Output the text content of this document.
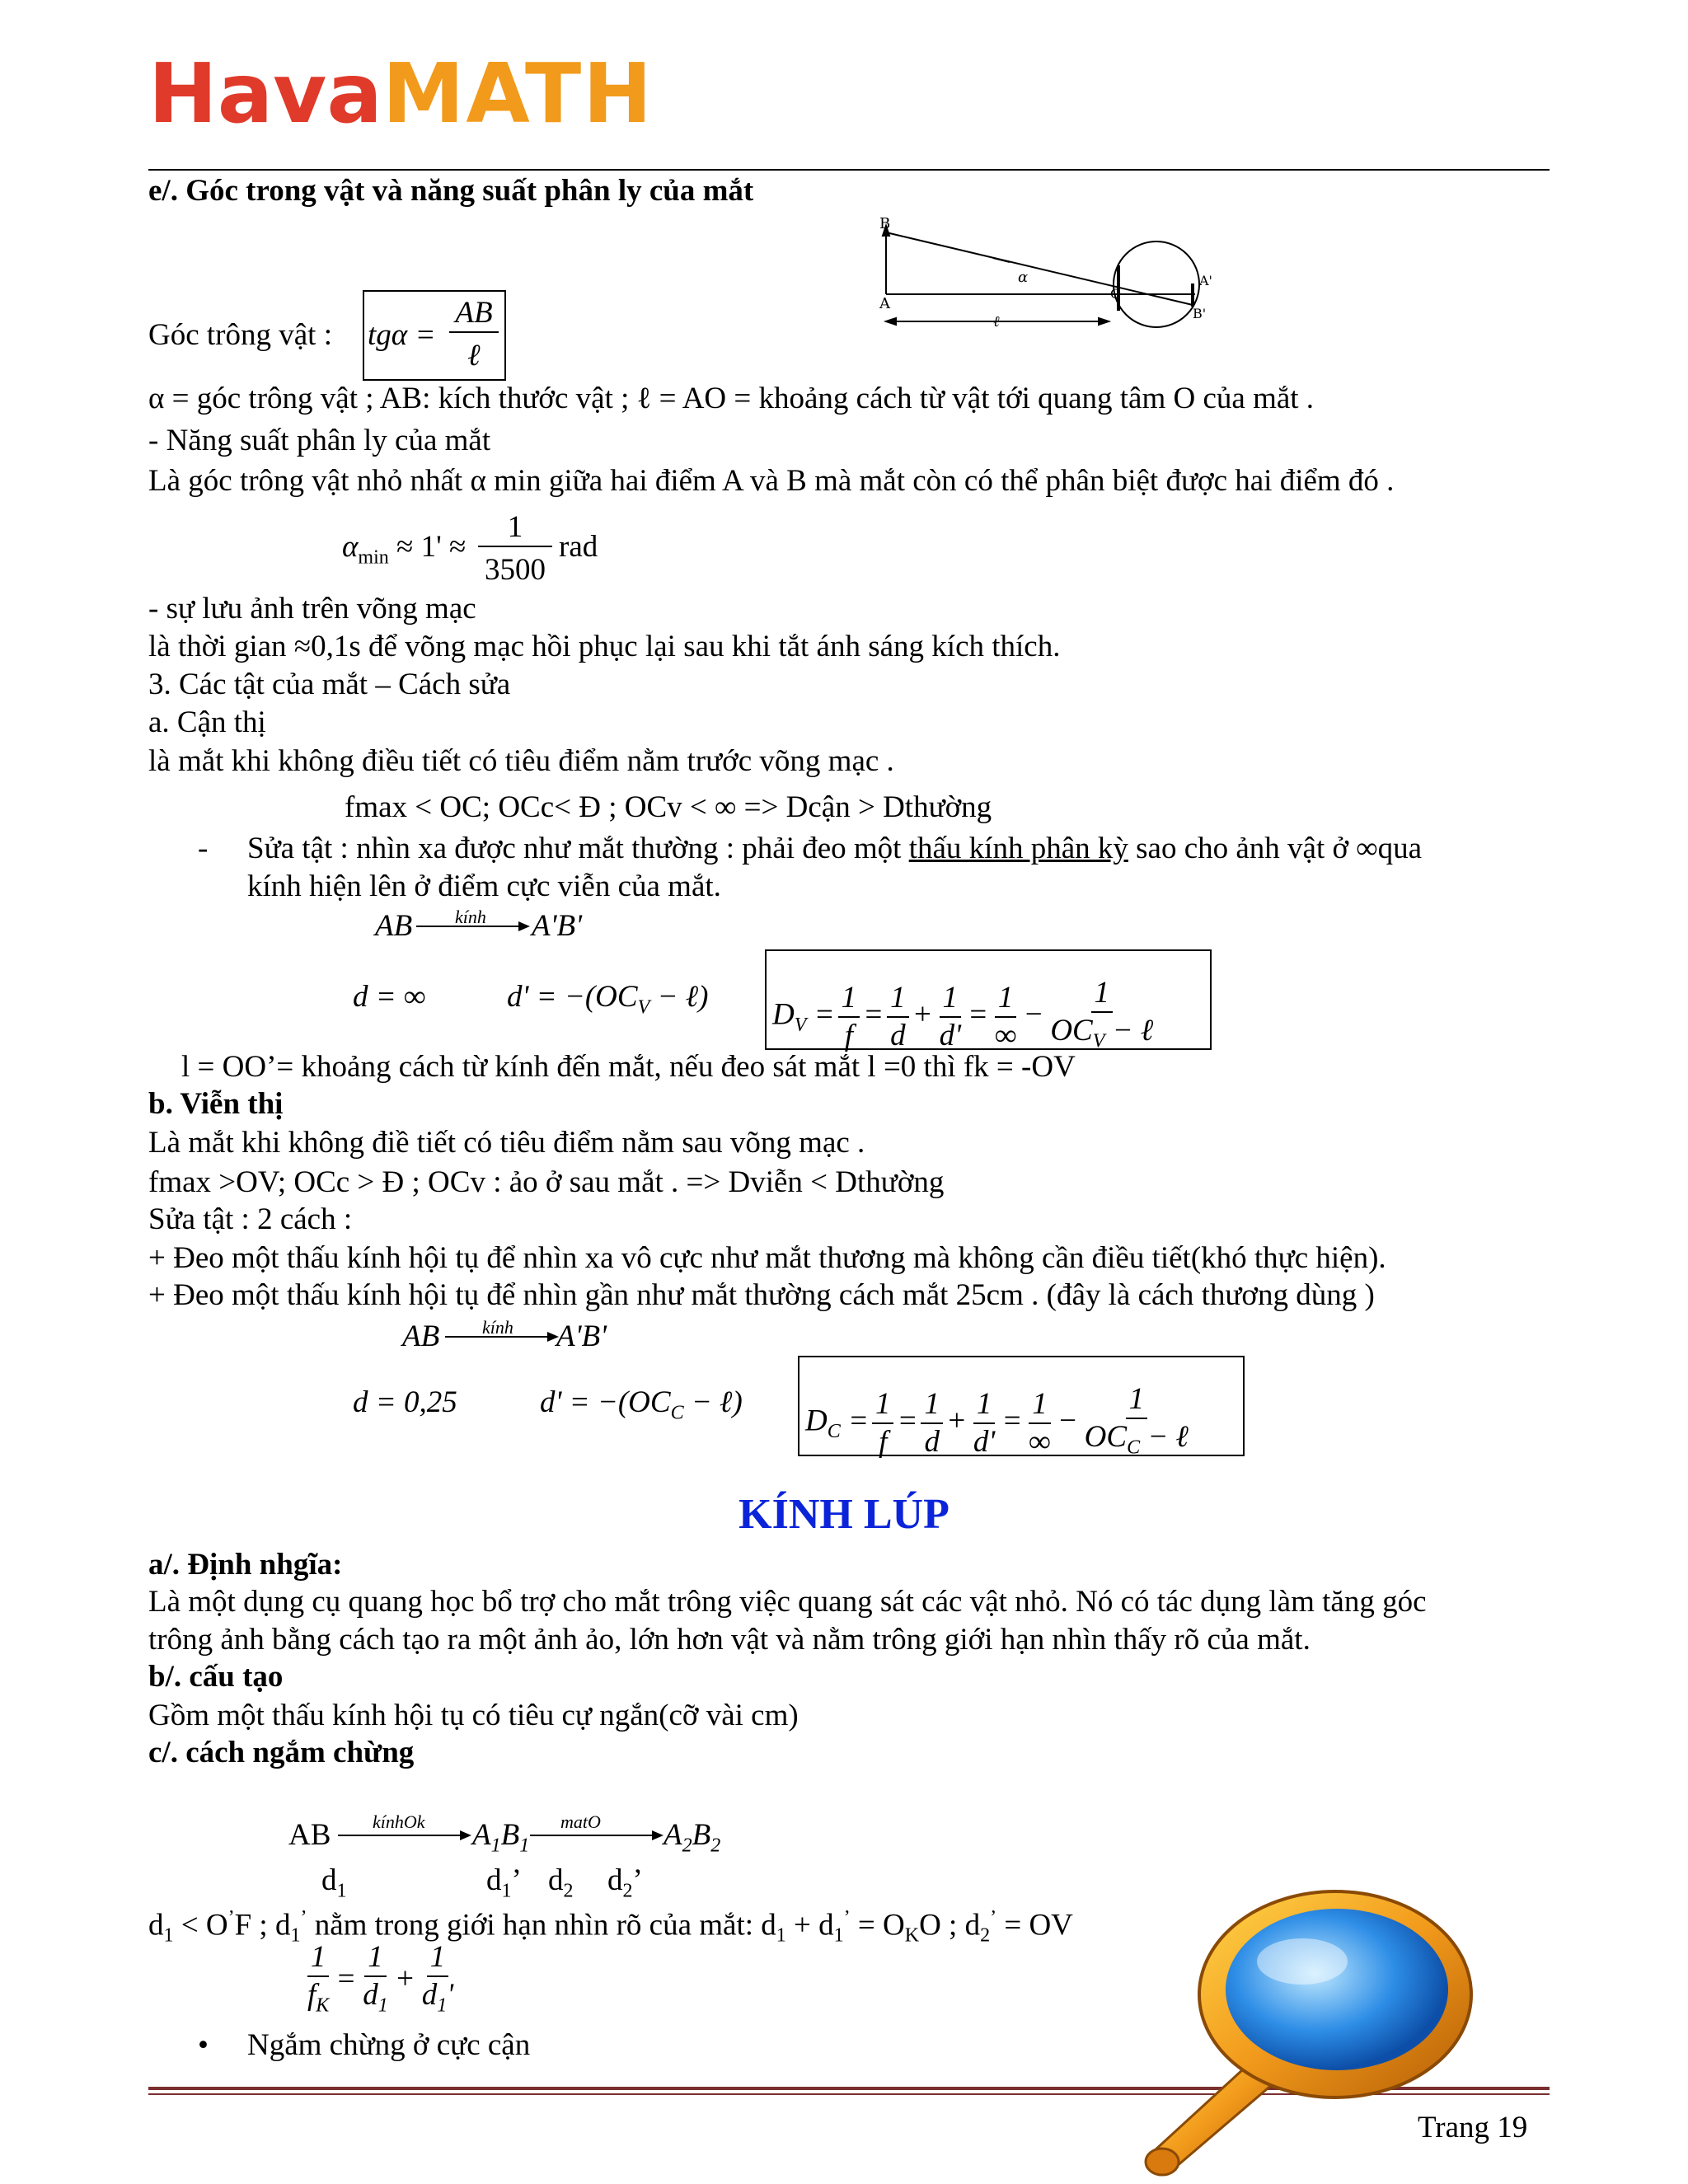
HavaMATH
e/. Góc trong vật và năng suất phân ly của mắt
B
A
α
O
A'
B'
ℓ
Góc trông vật : tgα =
AB
ℓ
α = góc trông vật ; AB: kích thước vật ; ℓ = AO = khoảng cách từ vật tới quang tâm O của mắt .
- Năng suất phân ly của mắt
Là góc trông vật nhỏ nhất α min giữa hai điểm A và B mà mắt còn có thể phân biệt được hai điểm đó .
$\alpha_{min} \approx 1'$ ≈
1
3500
rad
- sự lưu ảnh trên võng mạc
là thời gian ≈0,1s để võng mạc hồi phục lại sau khi tắt ánh sáng kích thích.
3. Các tật của mắt – Cách sửa
a. Cận thị
là mắt khi không điều tiết có tiêu điểm nằm trước võng mạc .
fmax < OC; OCc< Đ ; OCv < ∞ => Dcận > Dthường
- Sửa tật : nhìn xa được như mắt thường : phải đeo một thấu kính phân kỳ sao cho ảnh vật ở ∞qua
kính hiện lên ở điểm cực viễn của mắt.
AB kính A'B'
d = ∞	$d' = -(OC_V$ − ℓ)
$D_V = \frac{1}{f} = \frac{1}{d} + \frac{1}{d'} = \frac{1}{\infty} - \frac{1}{OC_V - \ell}$
l = OO’= khoảng cách từ kính đến mắt, nếu đeo sát mắt l =0 thì fk = -OV
b. Viễn thị
Là mắt khi không điề tiết có tiêu điểm nằm sau võng mạc .
fmax >OV; OCc > Đ ; OCv : ảo ở sau mắt . => Dviễn < Dthường
Sửa tật : 2 cách :
+ Đeo một thấu kính hội tụ để nhìn xa vô cực như mắt thương mà không cần điều tiết(khó thực hiện).
+ Đeo một thấu kính hội tụ để nhìn gần như mắt thường cách mắt 25cm . (đây là cách thương dùng )
AB kính A'B'
d = 0,25	$d' = -(OC_C$ − ℓ)
$D_C = \frac{1}{f} = \frac{1}{d} + \frac{1}{d'} = \frac{1}{\infty} - \frac{1}{OC_C - \ell}$
KÍNH LÚP
a/. Định nhgĩa:
Là một dụng cụ quang học bổ trợ cho mắt trông việc quang sát các vật nhỏ. Nó có tác dụng làm tăng góc
trông ảnh bằng cách tạo ra một ảnh ảo, lớn hơn vật và nằm trông giới hạn nhìn thấy rõ của mắt.
b/. cấu tạo
Gồm một thấu kính hội tụ có tiêu cự ngắn(cỡ vài cm)
c/. cách ngắm chừng
AB kínhOk $A_1B_1$
matO $A_2B_2$
$d_1$	$d_1$’ $d_2$ $d_2$’
$d_1 < O^’F$ ; $d_1^’$ nằm trong giới hạn nhìn rõ của mắt: $d_1 + d_1^’ = O_KO$ ; $d_2^’$ = OV
$\frac{1}{f_K} = \frac{1}{d_1} + \frac{1}{d_1'}$
• Ngắm chừng ở cực cận
Trang 19
